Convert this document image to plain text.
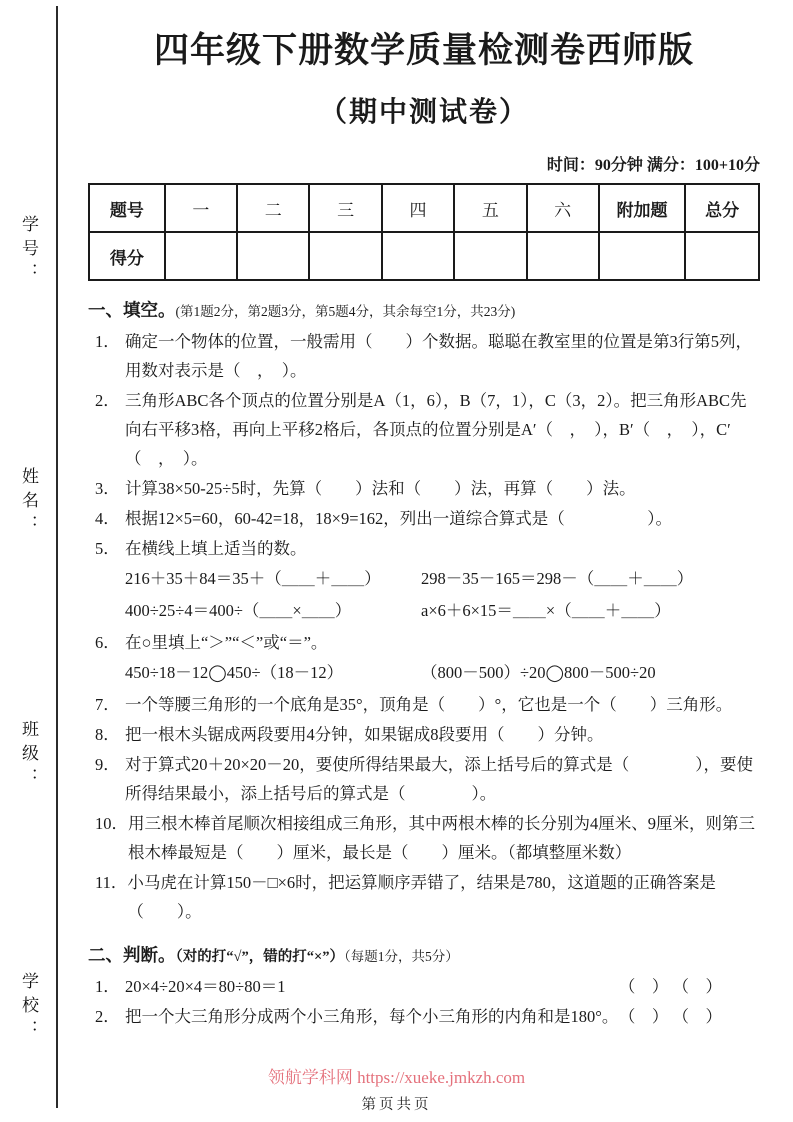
学号：
姓名：
班级：
学校：
四年级下册数学质量检测卷西师版
（期中测试卷）
时间：90分钟 满分：100+10分
题号	一	二	三	四	五	六	附加题	总分
得分								
一、填空。(第1题2分，第2题3分，第5题4分，其余每空1分，共23分)
1． 确定一个物体的位置，一般需用（　　）个数据。聪聪在教室里的位置是第3行第5列，用数对表示是（　，　）。
2． 三角形ABC各个顶点的位置分别是A（1，6），B（7，1），C（3，2）。把三角形ABC先向右平移3格，再向上平移2格后，各顶点的位置分别是A′（　，　），B′（　，　），C′（　，　）。
3． 计算38×50-25÷5时，先算（　　）法和（　　）法，再算（　　）法。
4． 根据12×5=60，60-42=18，18×9=162，列出一道综合算式是（　　　　　）。
5． 在横线上填上适当的数。
216＋35＋84＝35＋（＿＿＋＿＿）	298－35－165＝298－（＿＿＋＿＿）
400÷25÷4＝400÷（＿＿×＿＿）	a×6＋6×15＝＿＿×（＿＿＋＿＿）
6． 在○里填上“＞”“＜”或“＝”。
450÷18－12◯450÷（18－12）	（800－500）÷20◯800－500÷20
7． 一个等腰三角形的一个底角是35°，顶角是（　　）°，它也是一个（　　）三角形。
8． 把一根木头锯成两段要用4分钟，如果锯成8段要用（　　）分钟。
9． 对于算式20＋20×20－20，要使所得结果最大，添上括号后的算式是（　　　　），要使所得结果最小，添上括号后的算式是（　　　　）。
10． 用三根木棒首尾顺次相接组成三角形，其中两根木棒的长分别为4厘米、9厘米，则第三根木棒最短是（　　）厘米，最长是（　　）厘米。（都填整厘米数）
11． 小马虎在计算150－□×6时，把运算顺序弄错了，结果是780，这道题的正确答案是（　　）。
二、判断。（对的打“√”，错的打“×”）（每题1分，共5分）
1． 20×4÷20×4＝80÷80＝1	（　） （　）
2． 把一个大三角形分成两个小三角形，每个小三角形的内角和是180°。 （　） （　）
领航学科网 https://xueke.jmkzh.com
第页共页
